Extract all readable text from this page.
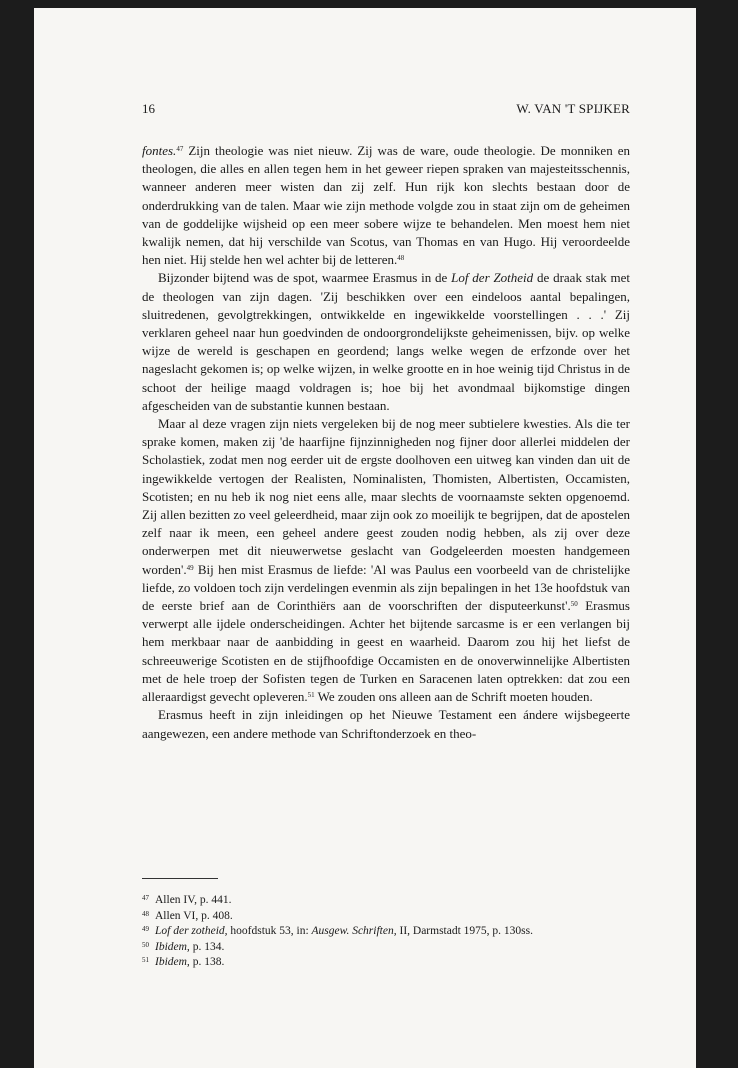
16	W. VAN 'T SPIJKER

fontes.$^{47}$ Zijn theologie was niet nieuw. Zij was de ware, oude theologie. De monniken en theologen, die alles en allen tegen hem in het geweer riepen spraken van majesteitsschennis, wanneer anderen meer wisten dan zij zelf. Hun rijk kon slechts bestaan door de onderdrukking van de talen. Maar wie zijn methode volgde zou in staat zijn om de geheimen van de goddelijke wijsheid op een meer sobere wijze te behandelen. Men moest hem niet kwalijk nemen, dat hij verschilde van Scotus, van Thomas en van Hugo. Hij veroordeelde hen niet. Hij stelde hen wel achter bij de letteren.$^{48}$

Bijzonder bijtend was de spot, waarmee Erasmus in de Lof der Zotheid de draak stak met de theologen van zijn dagen. 'Zij beschikken over een eindeloos aantal bepalingen, sluitredenen, gevolgtrekkingen, ontwikkelde en ingewikkelde voorstellingen . . .' Zij verklaren geheel naar hun goedvinden de ondoorgrondelijkste geheimenissen, bijv. op welke wijze de wereld is geschapen en geordend; langs welke wegen de erfzonde over het nageslacht gekomen is; op welke wijzen, in welke grootte en in hoe weinig tijd Christus in de schoot der heilige maagd voldragen is; hoe bij het avondmaal bijkomstige dingen afgescheiden van de substantie kunnen bestaan.

Maar al deze vragen zijn niets vergeleken bij de nog meer subtielere kwesties. Als die ter sprake komen, maken zij 'de haarfijne fijnzinnigheden nog fijner door allerlei middelen der Scholastiek, zodat men nog eerder uit de ergste doolhoven een uitweg kan vinden dan uit de ingewikkelde vertogen der Realisten, Nominalisten, Thomisten, Albertisten, Occamisten, Scotisten; en nu heb ik nog niet eens alle, maar slechts de voornaamste sekten opgenoemd. Zij allen bezitten zo veel geleerdheid, maar zijn ook zo moeilijk te begrijpen, dat de apostelen zelf naar ik meen, een geheel andere geest zouden nodig hebben, als zij over deze onderwerpen met dit nieuwerwetse geslacht van Godgeleerden moesten handgemeen worden'.$^{49}$ Bij hen mist Erasmus de liefde: 'Al was Paulus een voorbeeld van de christelijke liefde, zo voldoen toch zijn verdelingen evenmin als zijn bepalingen in het 13e hoofdstuk van de eerste brief aan de Corinthiërs aan de voorschriften der disputeerkunst'.$^{50}$ Erasmus verwerpt alle ijdele onderscheidingen. Achter het bijtende sarcasme is er een verlangen bij hem merkbaar naar de aanbidding in geest en waarheid. Daarom zou hij het liefst de schreeuwerige Scotisten en de stijfhoofdige Occamisten en de onoverwinnelijke Albertisten met de hele troep der Sofisten tegen de Turken en Saracenen laten optrekken: dat zou een alleraardigst gevecht opleveren.$^{51}$ We zouden ons alleen aan de Schrift moeten houden.

Erasmus heeft in zijn inleidingen op het Nieuwe Testament een ándere wijsbegeerte aangewezen, een andere methode van Schriftonderzoek en theo-

47 Allen IV, p. 441.
48 Allen VI, p. 408.
49 Lof der zotheid, hoofdstuk 53, in: Ausgew. Schriften, II, Darmstadt 1975, p. 130ss.
50 Ibidem, p. 134.
51 Ibidem, p. 138.
